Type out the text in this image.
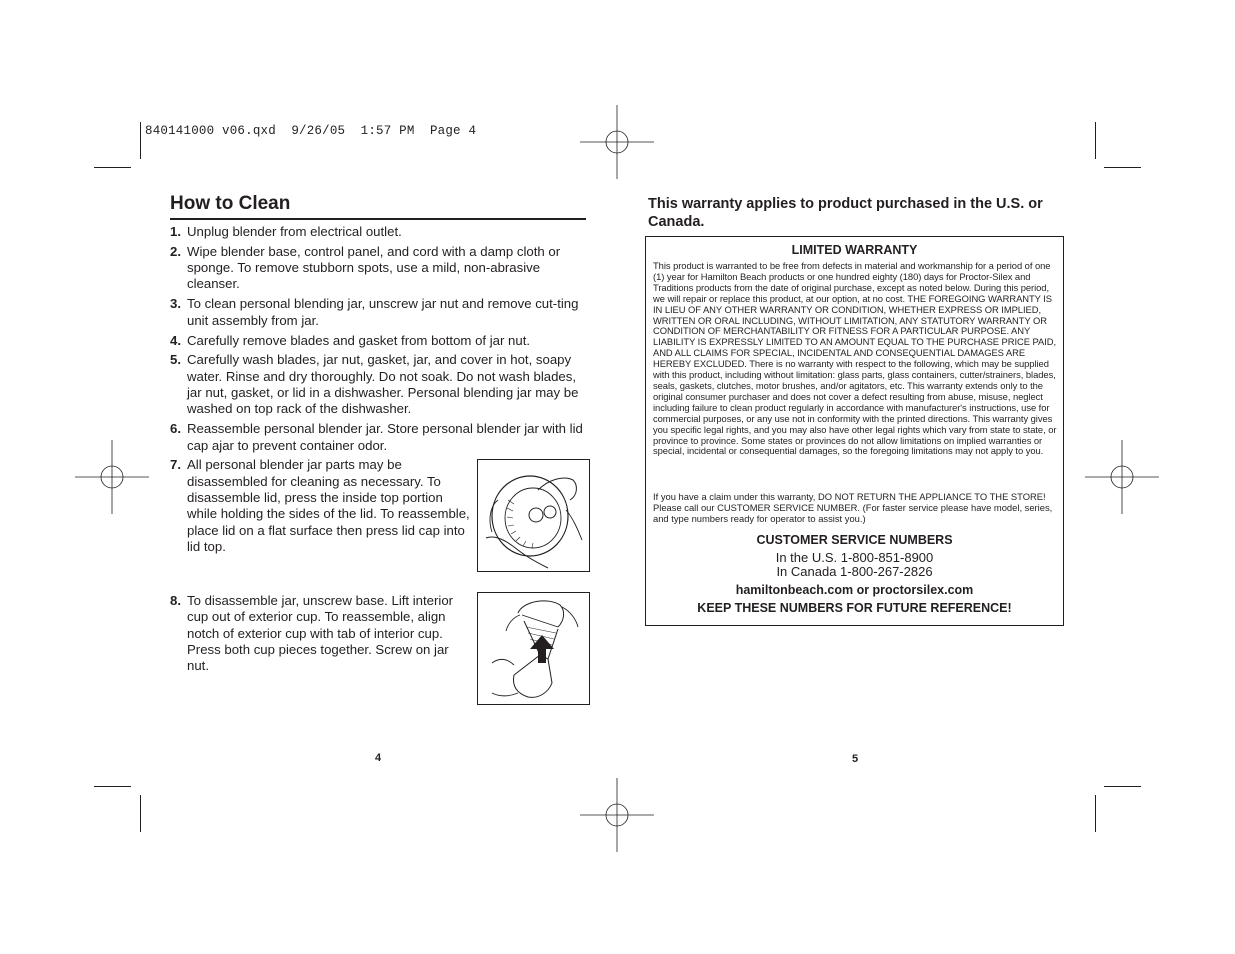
840141000 v06.qxd  9/26/05  1:57 PM  Page 4
How to Clean
1. Unplug blender from electrical outlet.
2. Wipe blender base, control panel, and cord with a damp cloth or sponge. To remove stubborn spots, use a mild, non-abrasive cleanser.
3. To clean personal blending jar, unscrew jar nut and remove cut-ting unit assembly from jar.
4. Carefully remove blades and gasket from bottom of jar nut.
5. Carefully wash blades, jar nut, gasket, jar, and cover in hot, soapy water. Rinse and dry thoroughly. Do not soak. Do not wash blades, jar nut, gasket, or lid in a dishwasher. Personal blending jar may be washed on top rack of the dishwasher.
6. Reassemble personal blender jar. Store personal blender jar with lid cap ajar to prevent container odor.
7. All personal blender jar parts may be disassembled for cleaning as necessary. To disassemble lid, press the inside top portion while holding the sides of the lid. To reassemble, place lid on a flat surface then press lid cap into lid top.
8. To disassemble jar, unscrew base. Lift interior cup out of exterior cup. To reassemble, align notch of exterior cup with tab of interior cup. Press both cup pieces together. Screw on jar nut.
4
This warranty applies to product purchased in the U.S. or Canada.
LIMITED WARRANTY
This product is warranted to be free from defects in material and workmanship for a period of one (1) year for Hamilton Beach products or one hundred eighty (180) days for Proctor-Silex and Traditions products from the date of original purchase, except as noted below. During this period, we will repair or replace this product, at our option, at no cost. THE FOREGOING WARRANTY IS IN LIEU OF ANY OTHER WARRANTY OR CONDITION, WHETHER EXPRESS OR IMPLIED, WRITTEN OR ORAL INCLUDING, WITHOUT LIMITATION, ANY STATUTORY WARRANTY OR CONDITION OF MERCHANTABILITY OR FITNESS FOR A PARTICULAR PURPOSE. ANY LIABILITY IS EXPRESSLY LIMITED TO AN AMOUNT EQUAL TO THE PURCHASE PRICE PAID, AND ALL CLAIMS FOR SPECIAL, INCIDENTAL AND CONSEQUENTIAL DAMAGES ARE HEREBY EXCLUDED. There is no warranty with respect to the following, which may be supplied with this product, including without limitation: glass parts, glass containers, cutter/strainers, blades, seals, gaskets, clutches, motor brushes, and/or agitators, etc. This warranty extends only to the original consumer purchaser and does not cover a defect resulting from abuse, misuse, neglect including failure to clean product regularly in accordance with manufacturer's instructions, use for commercial purposes, or any use not in conformity with the printed directions. This warranty gives you specific legal rights, and you may also have other legal rights which vary from state to state, or province to province. Some states or provinces do not allow limitations on implied warranties or special, incidental or consequential damages, so the foregoing limitations may not apply to you.
If you have a claim under this warranty, DO NOT RETURN THE APPLIANCE TO THE STORE! Please call our CUSTOMER SERVICE NUMBER. (For faster service please have model, series, and type numbers ready for operator to assist you.)
CUSTOMER SERVICE NUMBERS
In the U.S. 1-800-851-8900
In Canada 1-800-267-2826
hamiltonbeach.com or proctorsilex.com
KEEP THESE NUMBERS FOR FUTURE REFERENCE!
5
